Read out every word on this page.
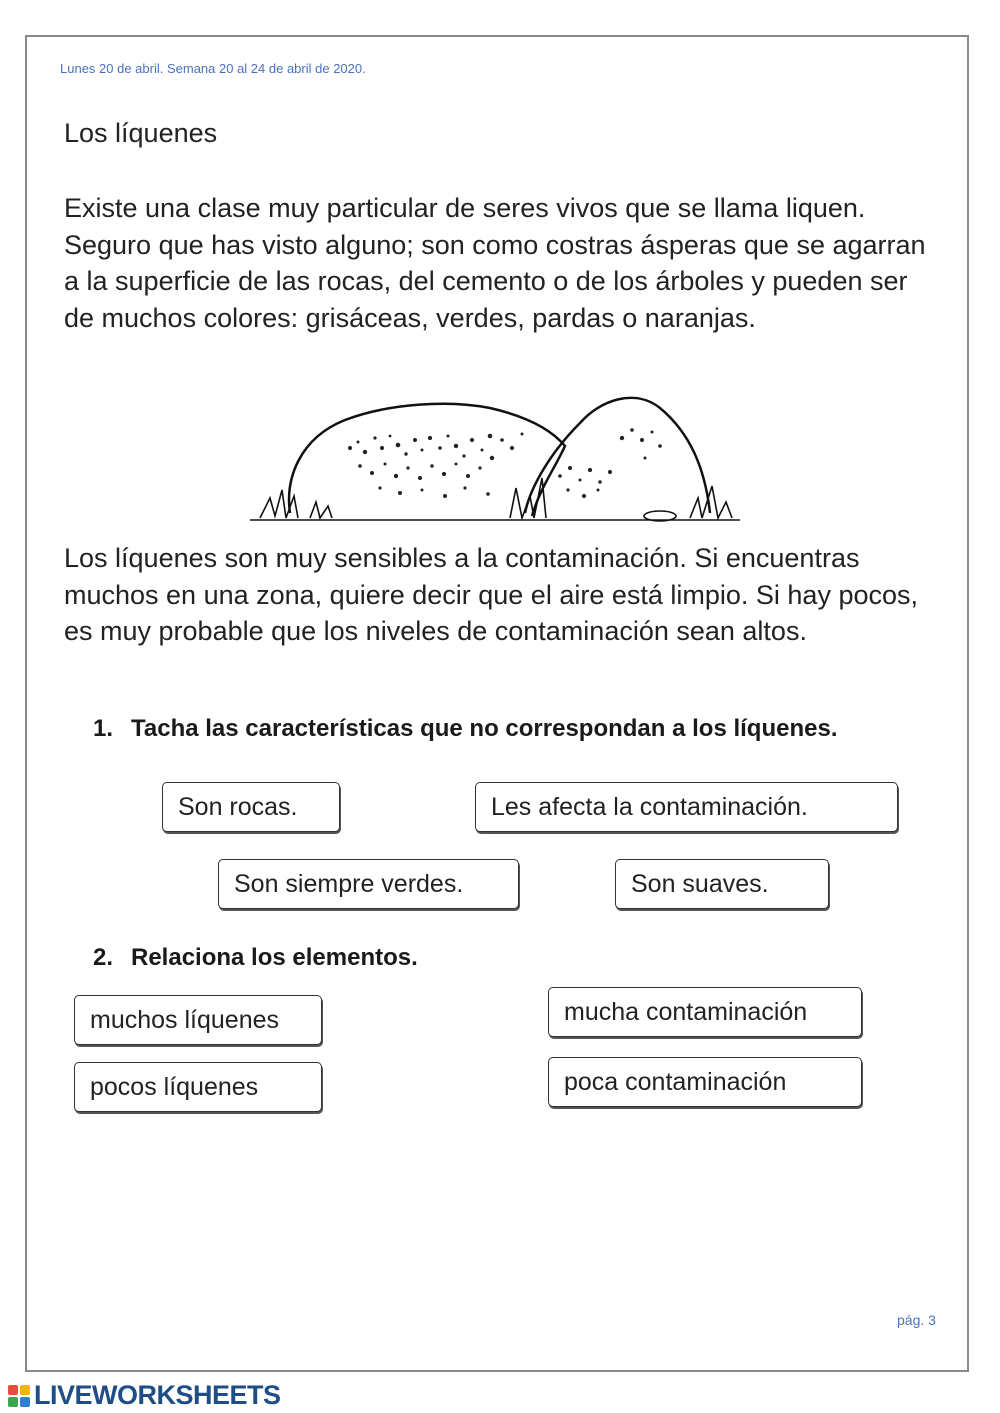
Lunes 20 de abril. Semana 20 al 24 de abril de 2020.
Los líquenes

Existe una clase muy particular de seres vivos que se llama liquen. Seguro que has visto alguno; son como costras ásperas que se agarran a la superficie de las rocas, del cemento o de los árboles y pueden ser de muchos colores: grisáceas, verdes, pardas o naranjas.

Los líquenes son muy sensibles a la contaminación. Si encuentras muchos en una zona, quiere decir que el aire está limpio. Si hay pocos, es muy probable que los niveles de contaminación sean altos.

1. Tacha las características que no correspondan a los líquenes.
Son rocas.	Les afecta la contaminación.
Son siempre verdes.	Son suaves.
2. Relaciona los elementos.
muchos líquenes
pocos líquenes
mucha contaminación
poca contaminación
pág. 3
LIVEWORKSHEETS
